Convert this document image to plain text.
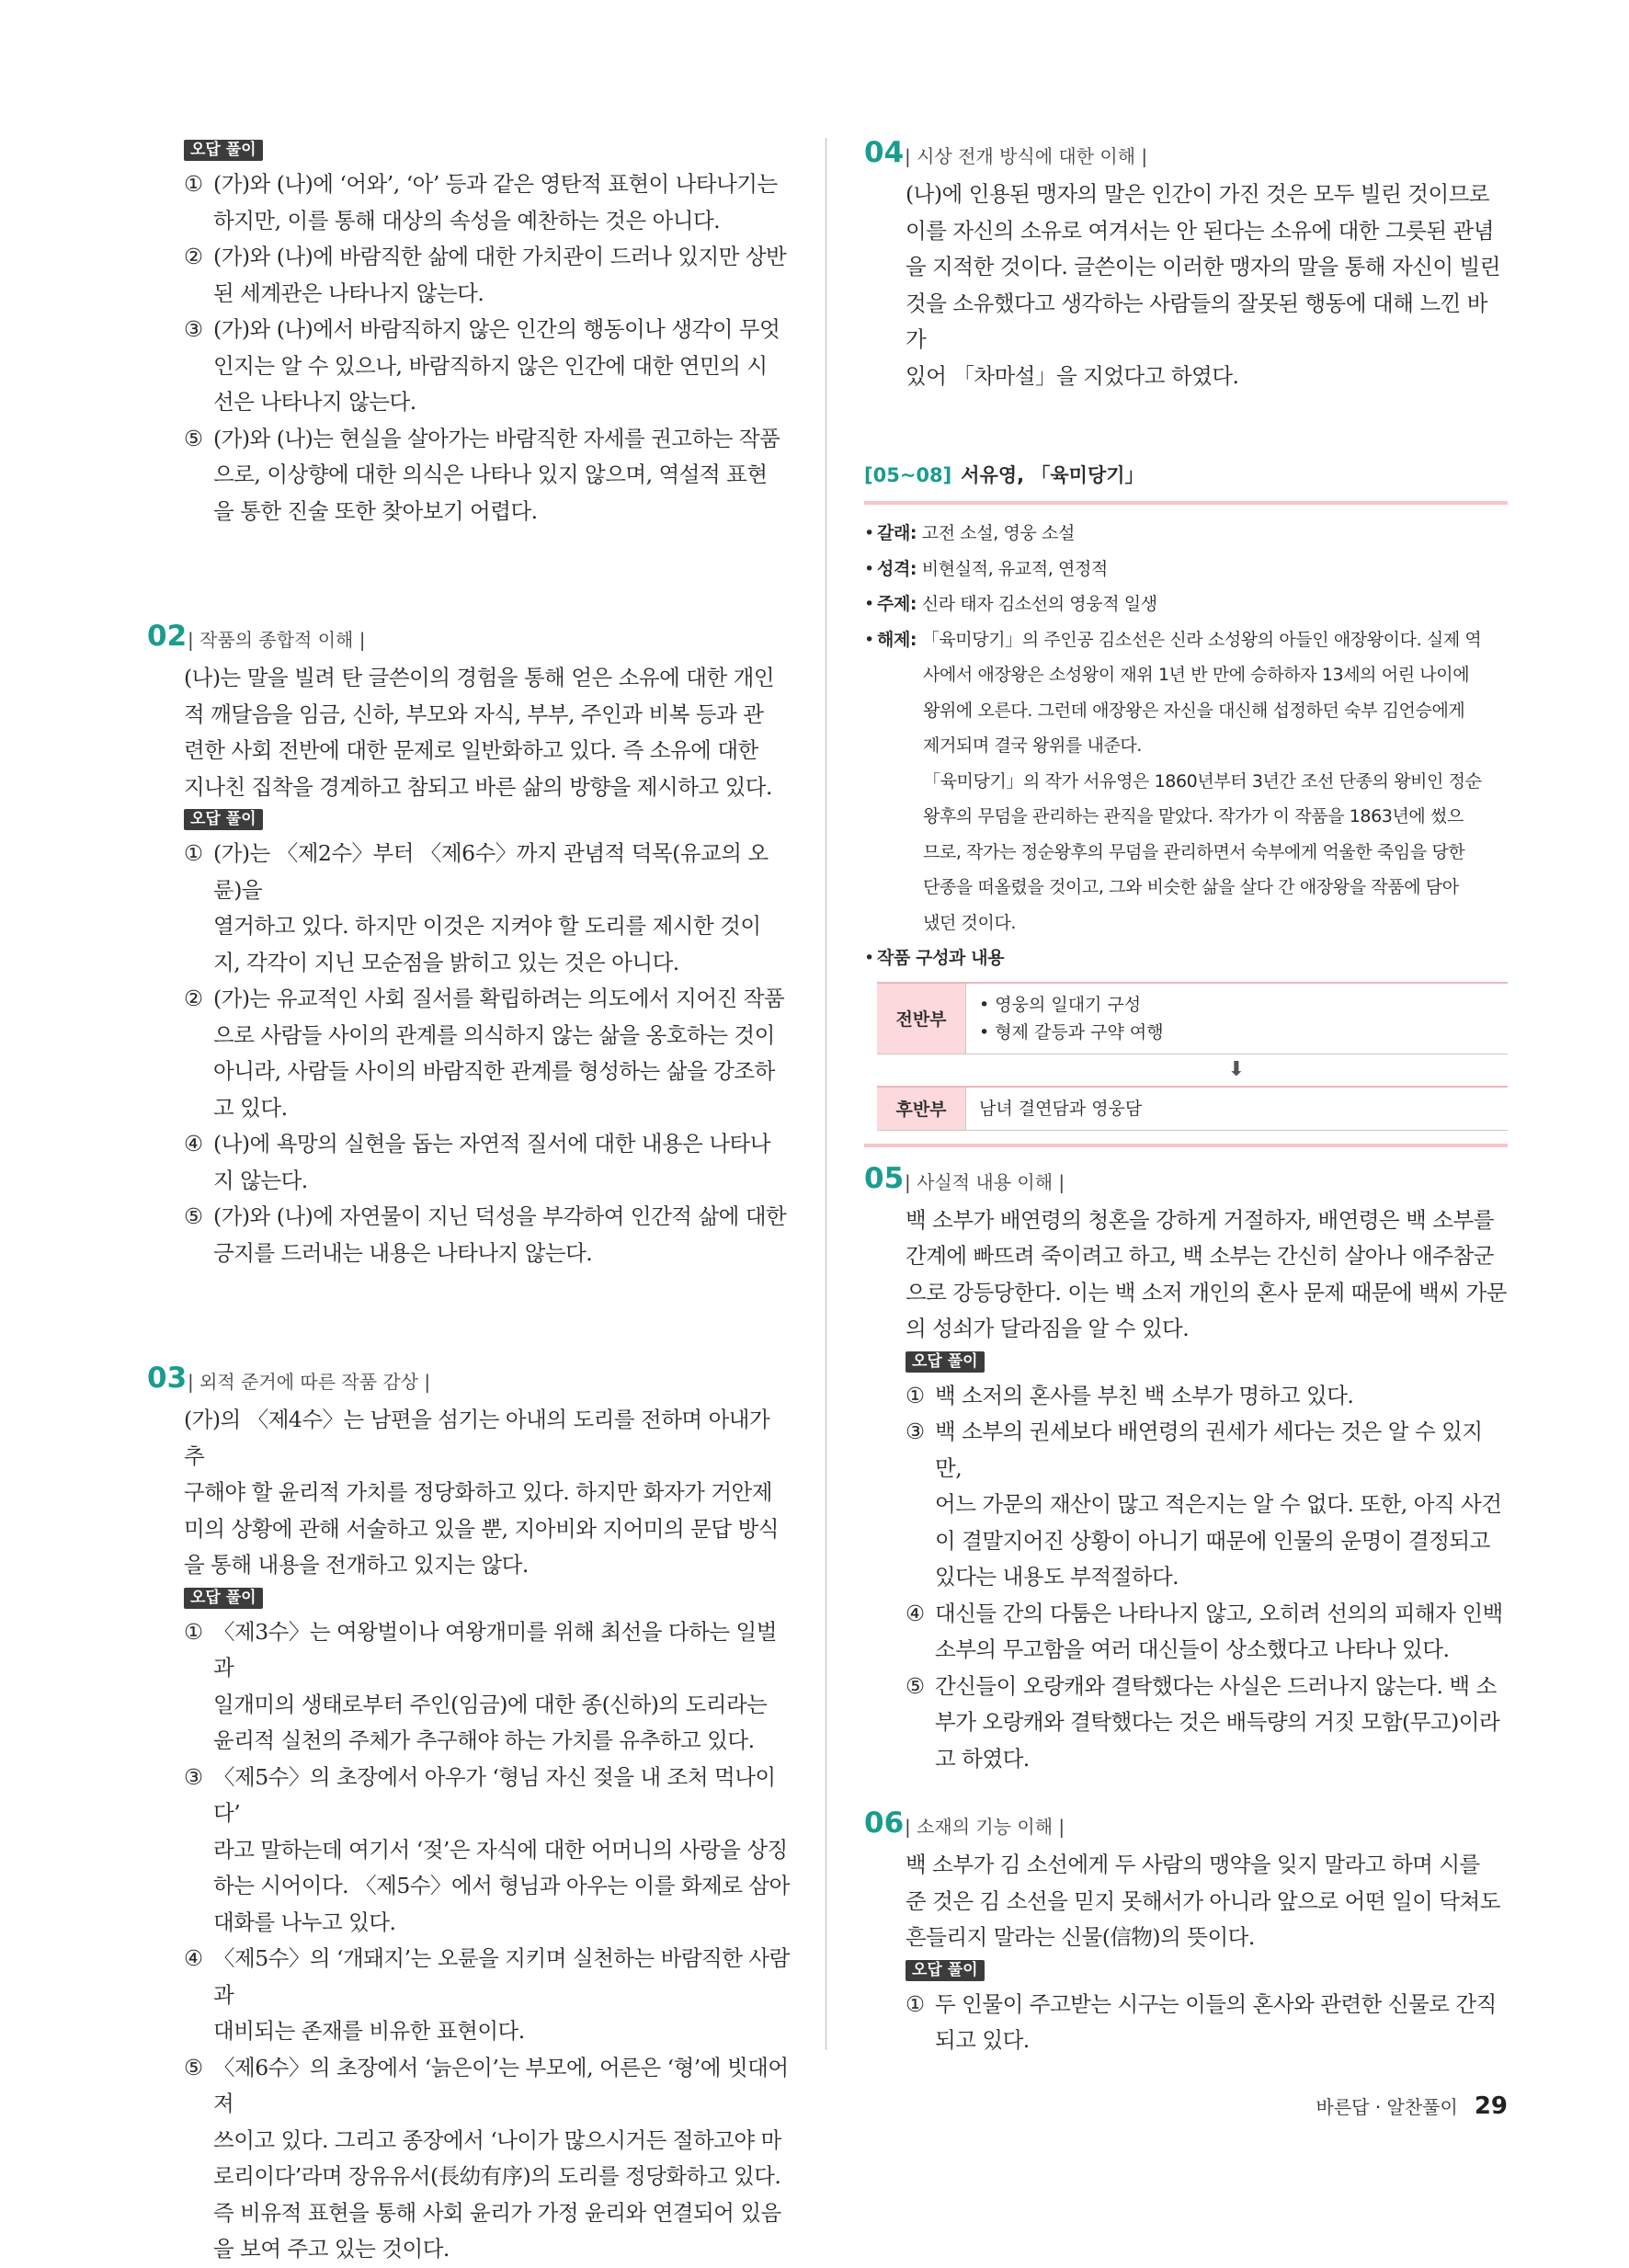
오답 풀이
① (가)와 (나)에 ‘어와’, ‘아’ 등과 같은 영탄적 표현이 나타나기는
하지만, 이를 통해 대상의 속성을 예찬하는 것은 아니다.
② (가)와 (나)에 바람직한 삶에 대한 가치관이 드러나 있지만 상반
된 세계관은 나타나지 않는다.
③ (가)와 (나)에서 바람직하지 않은 인간의 행동이나 생각이 무엇
인지는 알 수 있으나, 바람직하지 않은 인간에 대한 연민의 시
선은 나타나지 않는다.
⑤ (가)와 (나)는 현실을 살아가는 바람직한 자세를 권고하는 작품
으로, 이상향에 대한 의식은 나타나 있지 않으며, 역설적 표현
을 통한 진술 또한 찾아보기 어렵다.
02 | 작품의 종합적 이해 |
(나)는 말을 빌려 탄 글쓴이의 경험을 통해 얻은 소유에 대한 개인
적 깨달음을 임금, 신하, 부모와 자식, 부부, 주인과 비복 등과 관
련한 사회 전반에 대한 문제로 일반화하고 있다. 즉 소유에 대한
지나친 집착을 경계하고 참되고 바른 삶의 방향을 제시하고 있다.
오답 풀이
① (가)는 〈제2수〉부터 〈제6수〉까지 관념적 덕목(유교의 오륜)을
열거하고 있다. 하지만 이것은 지켜야 할 도리를 제시한 것이
지, 각각이 지닌 모순점을 밝히고 있는 것은 아니다.
② (가)는 유교적인 사회 질서를 확립하려는 의도에서 지어진 작품
으로 사람들 사이의 관계를 의식하지 않는 삶을 옹호하는 것이
아니라, 사람들 사이의 바람직한 관계를 형성하는 삶을 강조하
고 있다.
④ (나)에 욕망의 실현을 돕는 자연적 질서에 대한 내용은 나타나
지 않는다.
⑤ (가)와 (나)에 자연물이 지닌 덕성을 부각하여 인간적 삶에 대한
긍지를 드러내는 내용은 나타나지 않는다.
03 | 외적 준거에 따른 작품 감상 |
(가)의 〈제4수〉는 남편을 섬기는 아내의 도리를 전하며 아내가 추
구해야 할 윤리적 가치를 정당화하고 있다. 하지만 화자가 거안제
미의 상황에 관해 서술하고 있을 뿐, 지아비와 지어미의 문답 방식
을 통해 내용을 전개하고 있지는 않다.
오답 풀이
① 〈제3수〉는 여왕벌이나 여왕개미를 위해 최선을 다하는 일벌과
일개미의 생태로부터 주인(임금)에 대한 종(신하)의 도리라는
윤리적 실천의 주체가 추구해야 하는 가치를 유추하고 있다.
③ 〈제5수〉의 초장에서 아우가 ‘형님 자신 젖을 내 조처 먹나이다’
라고 말하는데 여기서 ‘젖’은 자식에 대한 어머니의 사랑을 상징
하는 시어이다. 〈제5수〉에서 형님과 아우는 이를 화제로 삼아
대화를 나누고 있다.
④ 〈제5수〉의 ‘개돼지’는 오륜을 지키며 실천하는 바람직한 사람과
대비되는 존재를 비유한 표현이다.
⑤ 〈제6수〉의 초장에서 ‘늙은이’는 부모에, 어른은 ‘형’에 빗대어져
쓰이고 있다. 그리고 종장에서 ‘나이가 많으시거든 절하고야 마
로리이다’라며 장유유서(長幼有序)의 도리를 정당화하고 있다.
즉 비유적 표현을 통해 사회 윤리가 가정 윤리와 연결되어 있음
을 보여 주고 있는 것이다.
04 | 시상 전개 방식에 대한 이해 |
(나)에 인용된 맹자의 말은 인간이 가진 것은 모두 빌린 것이므로
이를 자신의 소유로 여겨서는 안 된다는 소유에 대한 그릇된 관념
을 지적한 것이다. 글쓴이는 이러한 맹자의 말을 통해 자신이 빌린
것을 소유했다고 생각하는 사람들의 잘못된 행동에 대해 느낀 바가
있어 「차마설」을 지었다고 하였다.
[05~08] 서유영, 「육미당기」
• 갈래: 고전 소설, 영웅 소설
• 성격: 비현실적, 유교적, 연정적
• 주제: 신라 태자 김소선의 영웅적 일생
• 해제: 「육미당기」의 주인공 김소선은 신라 소성왕의 아들인 애장왕이다. 실제 역
사에서 애장왕은 소성왕이 재위 1년 반 만에 승하하자 13세의 어린 나이에
왕위에 오른다. 그런데 애장왕은 자신을 대신해 섭정하던 숙부 김언승에게
제거되며 결국 왕위를 내준다.
「육미당기」의 작가 서유영은 1860년부터 3년간 조선 단종의 왕비인 정순
왕후의 무덤을 관리하는 관직을 맡았다. 작가가 이 작품을 1863년에 썼으
므로, 작가는 정순왕후의 무덤을 관리하면서 숙부에게 억울한 죽임을 당한
단종을 떠올렸을 것이고, 그와 비슷한 삶을 살다 간 애장왕을 작품에 담아
냈던 것이다.
• 작품 구성과 내용
전반부
• 영웅의 일대기 구성
• 형제 갈등과 구약 여행
⬇
후반부	남녀 결연담과 영웅담
05 | 사실적 내용 이해 |
백 소부가 배연령의 청혼을 강하게 거절하자, 배연령은 백 소부를
간계에 빠뜨려 죽이려고 하고, 백 소부는 간신히 살아나 애주참군
으로 강등당한다. 이는 백 소저 개인의 혼사 문제 때문에 백씨 가문
의 성쇠가 달라짐을 알 수 있다.
오답 풀이
① 백 소저의 혼사를 부친 백 소부가 명하고 있다.
③ 백 소부의 권세보다 배연령의 권세가 세다는 것은 알 수 있지만,
어느 가문의 재산이 많고 적은지는 알 수 없다. 또한, 아직 사건
이 결말지어진 상황이 아니기 때문에 인물의 운명이 결정되고
있다는 내용도 부적절하다.
④ 대신들 간의 다툼은 나타나지 않고, 오히려 선의의 피해자 인백
소부의 무고함을 여러 대신들이 상소했다고 나타나 있다.
⑤ 간신들이 오랑캐와 결탁했다는 사실은 드러나지 않는다. 백 소
부가 오랑캐와 결탁했다는 것은 배득량의 거짓 모함(무고)이라
고 하였다.
06 | 소재의 기능 이해 |
백 소부가 김 소선에게 두 사람의 맹약을 잊지 말라고 하며 시를
준 것은 김 소선을 믿지 못해서가 아니라 앞으로 어떤 일이 닥쳐도
흔들리지 말라는 신물(信物)의 뜻이다.
오답 풀이
① 두 인물이 주고받는 시구는 이들의 혼사와 관련한 신물로 간직
되고 있다.
바른답 · 알찬풀이 29
